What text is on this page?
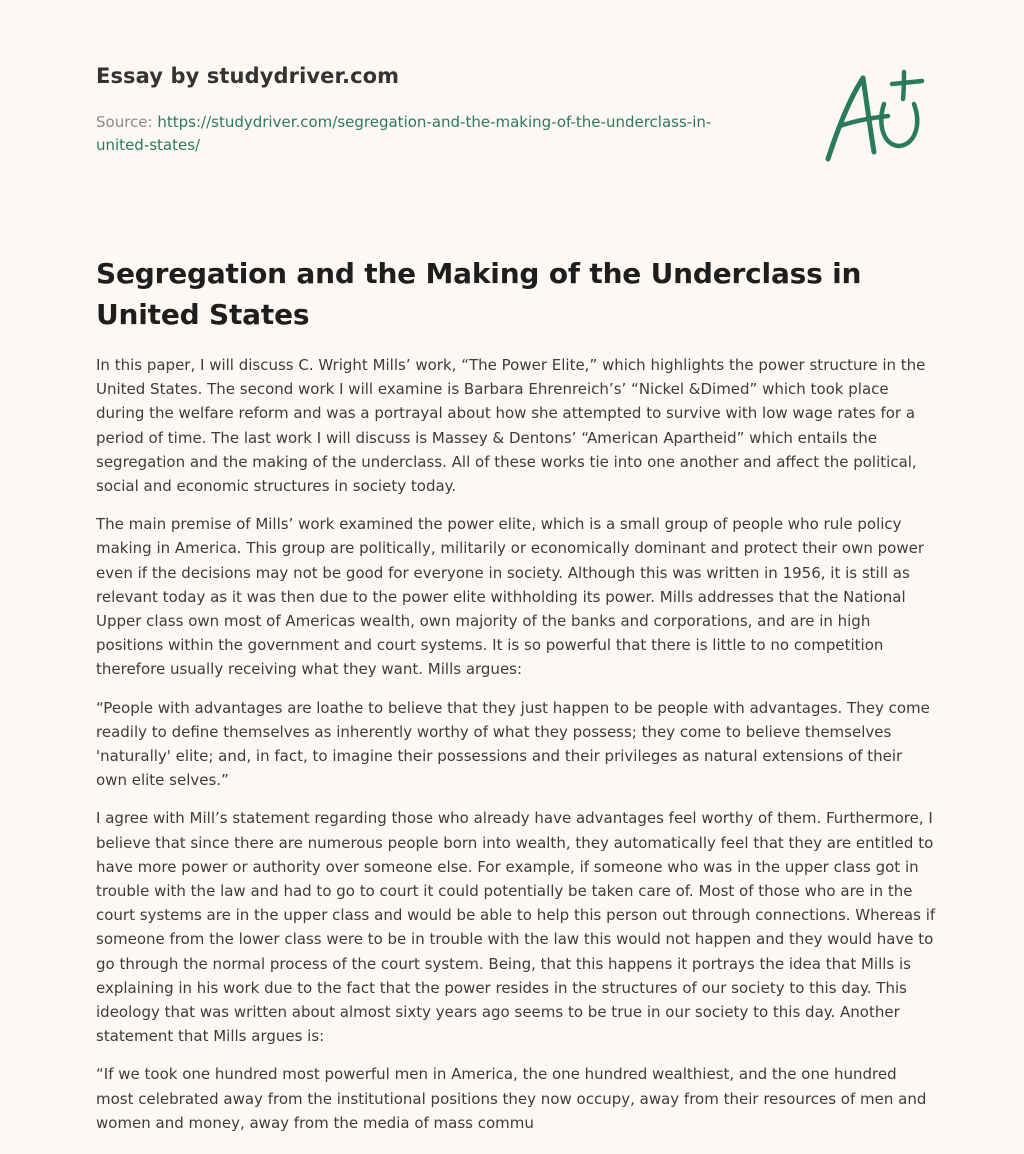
Essay by studydriver.com
Source: https://studydriver.com/segregation-and-the-making-of-the-underclass-in-united-states/
Segregation and the Making of the Underclass in United States

In this paper, I will discuss C. Wright Mills’ work, “The Power Elite,” which highlights the power structure in the United States. The second work I will examine is Barbara Ehrenreich’s’ “Nickel &Dimed” which took place during the welfare reform and was a portrayal about how she attempted to survive with low wage rates for a period of time. The last work I will discuss is Massey & Dentons’ “American Apartheid” which entails the segregation and the making of the underclass. All of these works tie into one another and affect the political, social and economic structures in society today.

The main premise of Mills’ work examined the power elite, which is a small group of people who rule policy making in America. This group are politically, militarily or economically dominant and protect their own power even if the decisions may not be good for everyone in society. Although this was written in 1956, it is still as relevant today as it was then due to the power elite withholding its power. Mills addresses that the National Upper class own most of Americas wealth, own majority of the banks and corporations, and are in high positions within the government and court systems. It is so powerful that there is little to no competition therefore usually receiving what they want. Mills argues:

“People with advantages are loathe to believe that they just happen to be people with advantages. They come readily to define themselves as inherently worthy of what they possess; they come to believe themselves 'naturally' elite; and, in fact, to imagine their possessions and their privileges as natural extensions of their own elite selves.”

I agree with Mill’s statement regarding those who already have advantages feel worthy of them. Furthermore, I believe that since there are numerous people born into wealth, they automatically feel that they are entitled to have more power or authority over someone else. For example, if someone who was in the upper class got in trouble with the law and had to go to court it could potentially be taken care of. Most of those who are in the court systems are in the upper class and would be able to help this person out through connections. Whereas if someone from the lower class were to be in trouble with the law this would not happen and they would have to go through the normal process of the court system. Being, that this happens it portrays the idea that Mills is explaining in his work due to the fact that the power resides in the structures of our society to this day. This ideology that was written about almost sixty years ago seems to be true in our society to this day. Another statement that Mills argues is:

“If we took one hundred most powerful men in America, the one hundred wealthiest, and the one hundred most celebrated away from the institutional positions they now occupy, away from their resources of men and women and money, away from the media of mass commu
